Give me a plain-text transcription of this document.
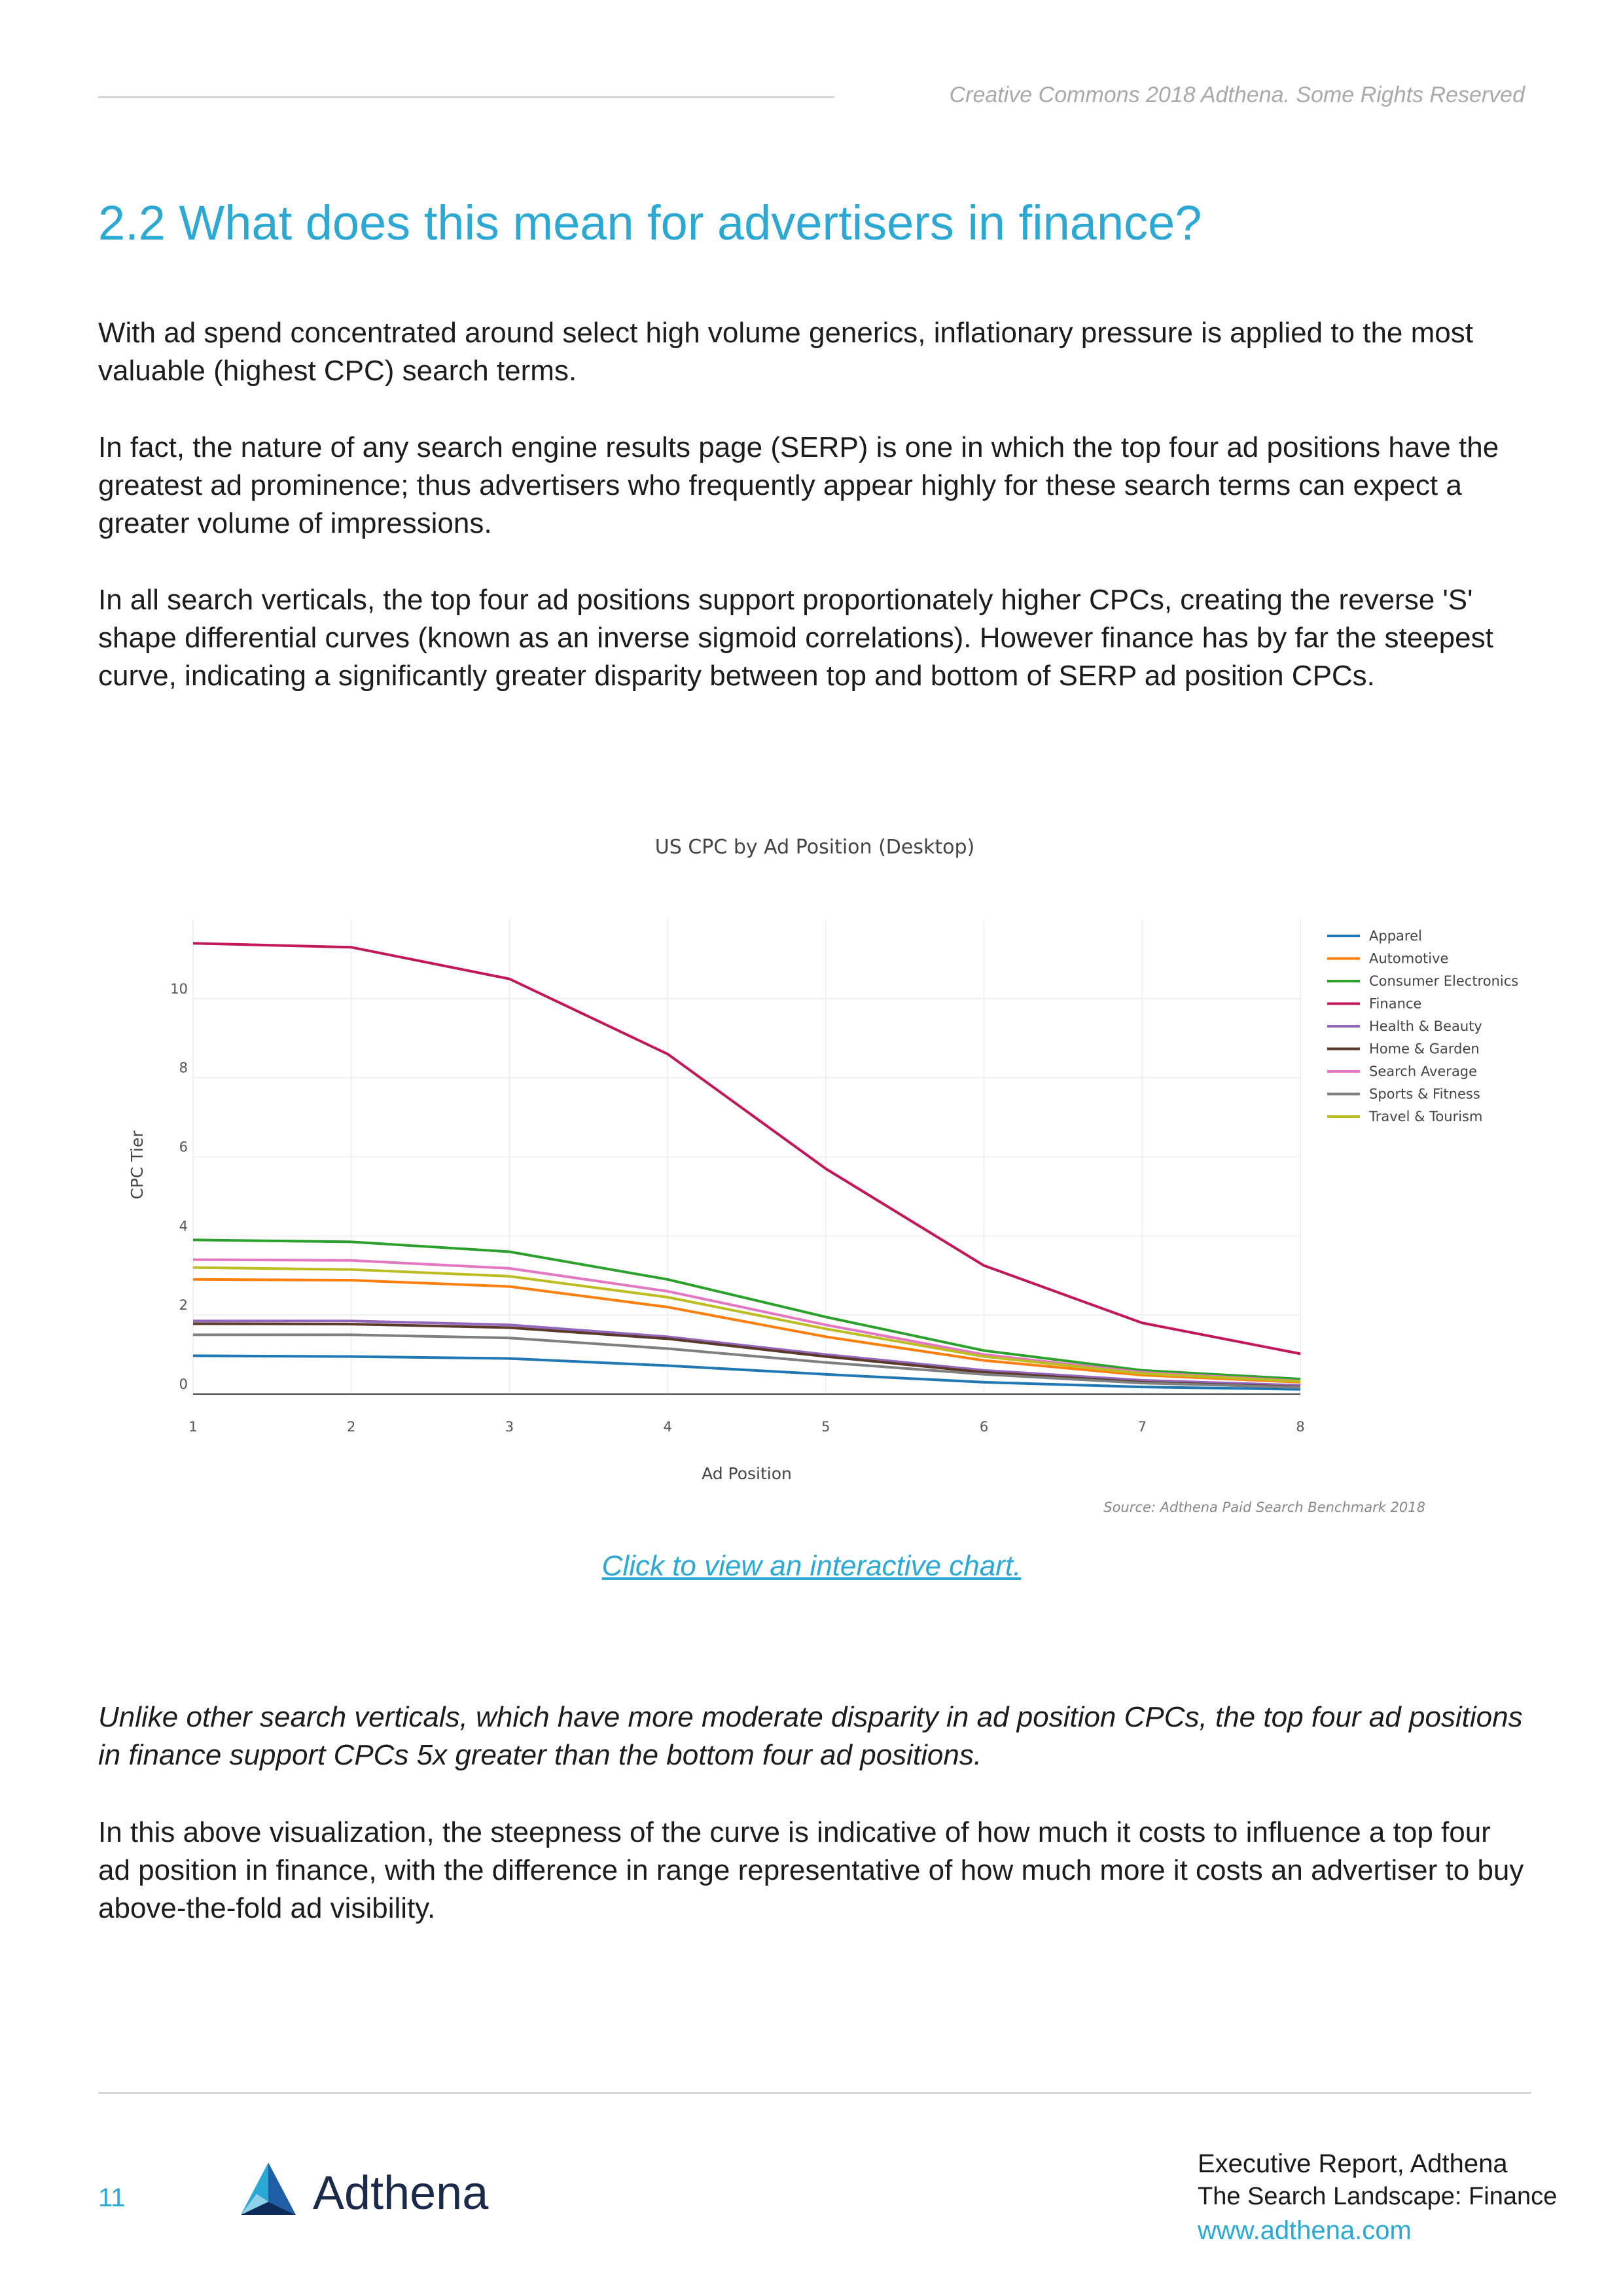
Creative Commons 2018 Adthena. Some Rights Reserved
2.2 What does this mean for advertisers in finance?

With ad spend concentrated around select high volume generics, inflationary pressure is applied to the most valuable (highest CPC) search terms.

In fact, the nature of any search engine results page (SERP) is one in which the top four ad positions have the greatest ad prominence; thus advertisers who frequently appear highly for these search terms can expect a greater volume of impressions.

In all search verticals, the top four ad positions support proportionately higher CPCs, creating the reverse 'S' shape differential curves (known as an inverse sigmoid correlations). However finance has by far the steepest curve, indicating a significantly greater disparity between top and bottom of SERP ad position CPCs.

US CPC by Ad Position (Desktop)
1	2	3	4	5	6	7	8
0
2
4
6
8
10
Ad Position
CPC Tier
Apparel
Automotive
Consumer Electronics
Finance
Health & Beauty
Home & Garden
Search Average
Sports & Fitness
Travel & Tourism
Source: Adthena Paid Search Benchmark 2018
Click to view an interactive chart.

Unlike other search verticals, which have more moderate disparity in ad position CPCs, the top four ad positions in finance support CPCs 5x greater than the bottom four ad positions.

In this above visualization, the steepness of the curve is indicative of how much it costs to influence a top four ad position in finance, with the difference in range representative of how much more it costs an advertiser to buy above-the-fold ad visibility.

11	Adthena
Executive Report, Adthena
The Search Landscape: Finance
www.adthena.com
